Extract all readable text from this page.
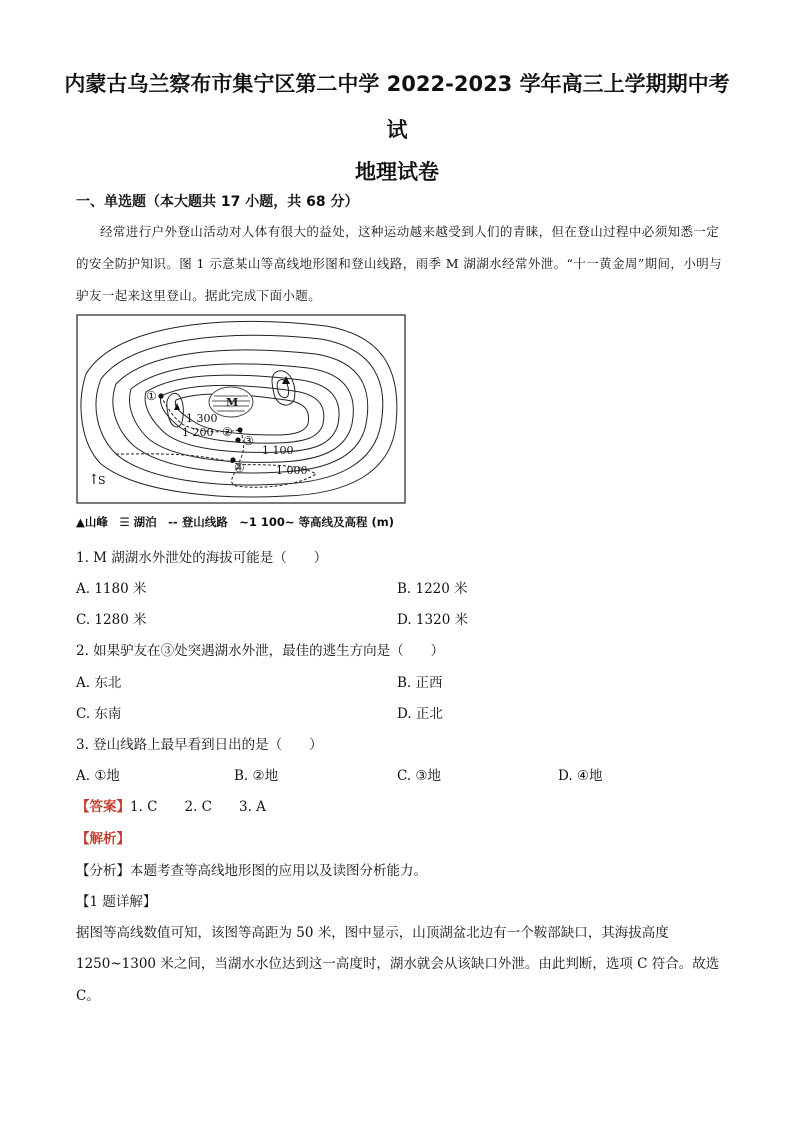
内蒙古乌兰察布市集宁区第二中学 2022-2023 学年高三上学期期中考
试
地理试卷
一、单选题（本大题共 17 小题，共 68 分）
经常进行户外登山活动对人体有很大的益处，这种运动越来越受到人们的青睐，但在登山过程中必须知悉一定的安全防护知识。图 1 示意某山等高线地形图和登山线路，雨季 M 湖湖水经常外泄。“十一黄金周”期间，小明与驴友一起来这里登山。据此完成下面小题。
M
①
②
③
④
1 300
1 200
1 100
1 000
↑
S
▲山峰　☰ 湖泊　-- 登山线路　~1 100~ 等高线及高程 (m)
1. M 湖湖水外泄处的海拔可能是（　　）
A. 1180 米	B. 1220 米
C. 1280 米	D. 1320 米
2. 如果驴友在③处突遇湖水外泄，最佳的逃生方向是（　　）
A. 东北	B. 正西
C. 东南	D. 正北
3. 登山线路上最早看到日出的是（　　）
A. ①地	B. ②地	C. ③地	D. ④地
【答案】1. C　　2. C　　3. A
【解析】
【分析】本题考查等高线地形图的应用以及读图分析能力。
【1 题详解】
据图等高线数值可知，该图等高距为 50 米，图中显示，山顶湖盆北边有一个鞍部缺口，其海拔高度
1250~1300 米之间，当湖水水位达到这一高度时，湖水就会从该缺口外泄。由此判断，选项 C 符合。故选
C。
